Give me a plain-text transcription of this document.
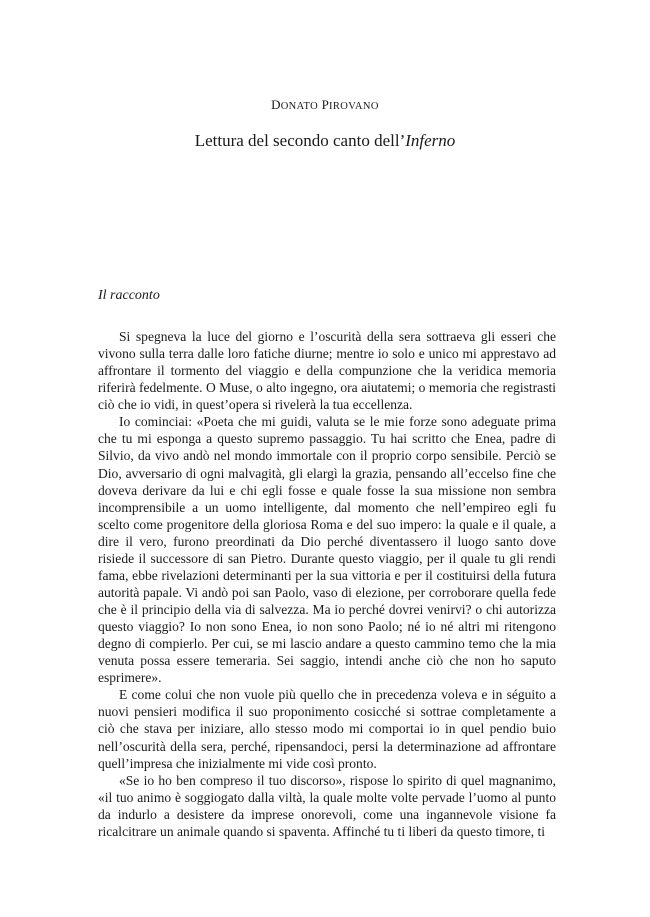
DONATO PIROVANO
Lettura del secondo canto dell’Inferno
Il racconto

Si spegneva la luce del giorno e l’oscurità della sera sottraeva gli esseri che vivono sulla terra dalle loro fatiche diurne; mentre io solo e unico mi apprestavo ad affrontare il tormento del viaggio e della compunzione che la veridica memoria riferirà fedelmente. O Muse, o alto ingegno, ora aiutatemi; o memoria che registrasti ciò che io vidi, in quest’opera si rivelerà la tua eccellenza.

Io cominciai: «Poeta che mi guidi, valuta se le mie forze sono adeguate prima che tu mi esponga a questo supremo passaggio. Tu hai scritto che Enea, padre di Silvio, da vivo andò nel mondo immortale con il proprio corpo sensibile. Perciò se Dio, avversario di ogni malvagità, gli elargì la grazia, pensando all’eccelso fine che doveva derivare da lui e chi egli fosse e quale fosse la sua missione non sembra incomprensibile a un uomo intelligente, dal momento che nell’empireo egli fu scelto come progenitore della gloriosa Roma e del suo impero: la quale e il quale, a dire il vero, furono preordinati da Dio perché diventassero il luogo santo dove risiede il successore di san Pietro. Durante questo viaggio, per il quale tu gli rendi fama, ebbe rivelazioni determinanti per la sua vittoria e per il costituirsi della futura autorità papale. Vi andò poi san Paolo, vaso di elezione, per corroborare quella fede che è il principio della via di salvezza. Ma io perché dovrei venirvi? o chi autorizza questo viaggio? Io non sono Enea, io non sono Paolo; né io né altri mi ritengono degno di compierlo. Per cui, se mi lascio andare a questo cammino temo che la mia venuta possa essere temeraria. Sei saggio, intendi anche ciò che non ho saputo esprimere».

E come colui che non vuole più quello che in precedenza voleva e in séguito a nuovi pensieri modifica il suo proponimento cosicché si sottrae completamente a ciò che stava per iniziare, allo stesso modo mi comportai io in quel pendio buio nell’oscurità della sera, perché, ripensandoci, persi la determinazione ad affrontare quell’impresa che inizialmente mi vide così pronto.

«Se io ho ben compreso il tuo discorso», rispose lo spirito di quel magnanimo, «il tuo animo è soggiogato dalla viltà, la quale molte volte pervade l’uomo al punto da indurlo a desistere da imprese onorevoli, come una ingannevole visione fa ricalcitrare un animale quando si spaventa. Affinché tu ti liberi da questo timore, ti
